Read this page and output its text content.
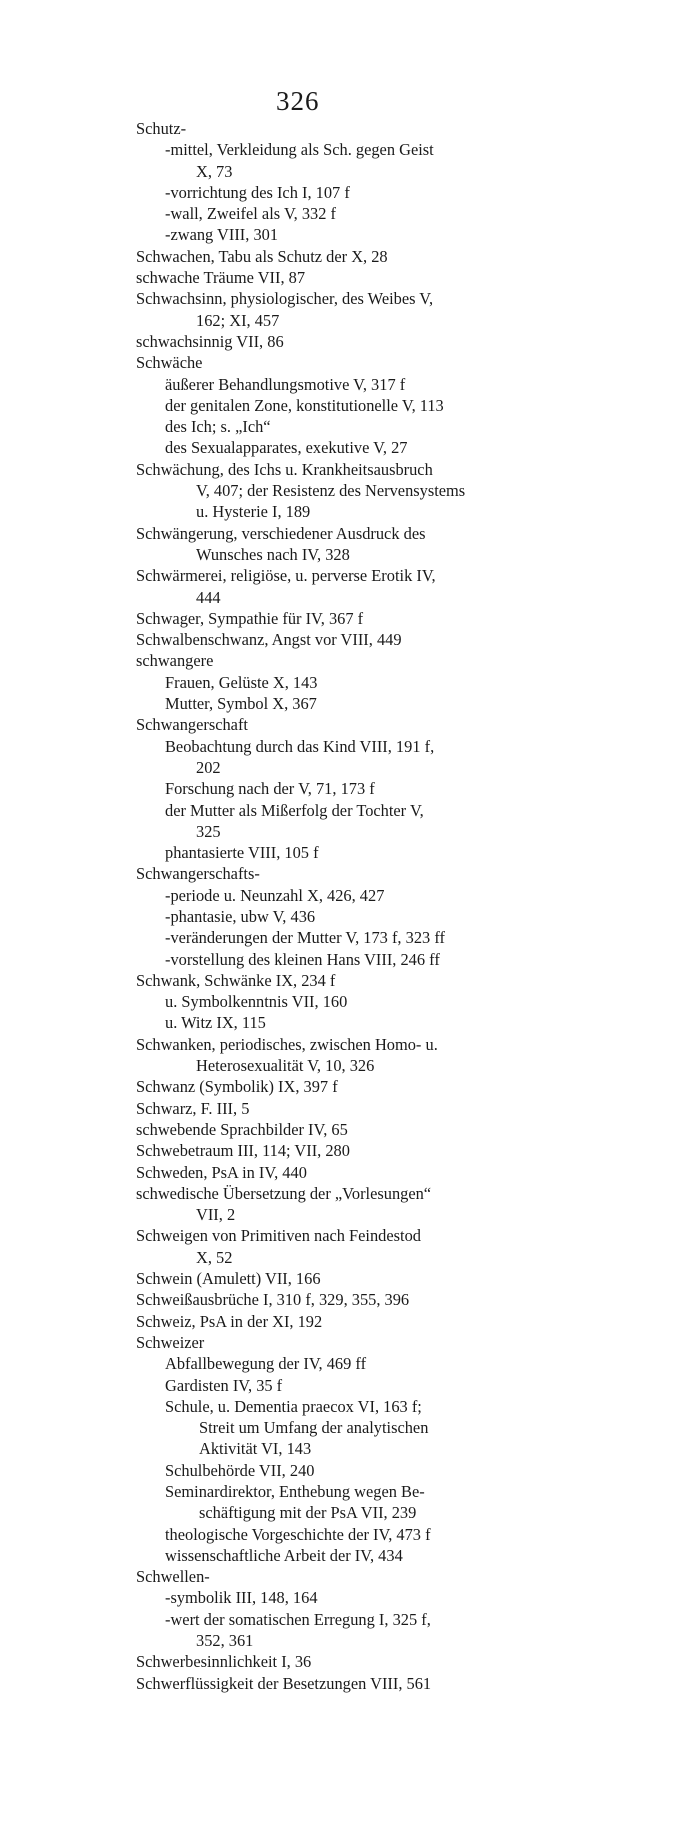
326
Schutz-
-mittel, Verkleidung als Sch. gegen Geist
X, 73
-vorrichtung des Ich I, 107 f
-wall, Zweifel als V, 332 f
-zwang VIII, 301
Schwachen, Tabu als Schutz der X, 28
schwache Träume VII, 87
Schwachsinn, physiologischer, des Weibes V,
162; XI, 457
schwachsinnig VII, 86
Schwäche
äußerer Behandlungsmotive V, 317 f
der genitalen Zone, konstitutionelle V, 113
des Ich; s. „Ich“
des Sexualapparates, exekutive V, 27
Schwächung, des Ichs u. Krankheitsausbruch
V, 407; der Resistenz des Nervensystems
u. Hysterie I, 189
Schwängerung, verschiedener Ausdruck des
Wunsches nach IV, 328
Schwärmerei, religiöse, u. perverse Erotik IV,
444
Schwager, Sympathie für IV, 367 f
Schwalbenschwanz, Angst vor VIII, 449
schwangere
Frauen, Gelüste X, 143
Mutter, Symbol X, 367
Schwangerschaft
Beobachtung durch das Kind VIII, 191 f,
202
Forschung nach der V, 71, 173 f
der Mutter als Mißerfolg der Tochter V,
325
phantasierte VIII, 105 f
Schwangerschafts-
-periode u. Neunzahl X, 426, 427
-phantasie, ubw V, 436
-veränderungen der Mutter V, 173 f, 323 ff
-vorstellung des kleinen Hans VIII, 246 ff
Schwank, Schwänke IX, 234 f
u. Symbolkenntnis VII, 160
u. Witz IX, 115
Schwanken, periodisches, zwischen Homo- u.
Heterosexualität V, 10, 326
Schwanz (Symbolik) IX, 397 f
Schwarz, F. III, 5
schwebende Sprachbilder IV, 65
Schwebetraum III, 114; VII, 280
Schweden, PsA in IV, 440
schwedische Übersetzung der „Vorlesungen“
VII, 2
Schweigen von Primitiven nach Feindestod
X, 52
Schwein (Amulett) VII, 166
Schweißausbrüche I, 310 f, 329, 355, 396
Schweiz, PsA in der XI, 192
Schweizer
Abfallbewegung der IV, 469 ff
Gardisten IV, 35 f
Schule, u. Dementia praecox VI, 163 f;
Streit um Umfang der analytischen
Aktivität VI, 143
Schulbehörde VII, 240
Seminardirektor, Enthebung wegen Be-
schäftigung mit der PsA VII, 239
theologische Vorgeschichte der IV, 473 f
wissenschaftliche Arbeit der IV, 434
Schwellen-
-symbolik III, 148, 164
-wert der somatischen Erregung I, 325 f,
352, 361
Schwerbesinnlichkeit I, 36
Schwerflüssigkeit der Besetzungen VIII, 561
